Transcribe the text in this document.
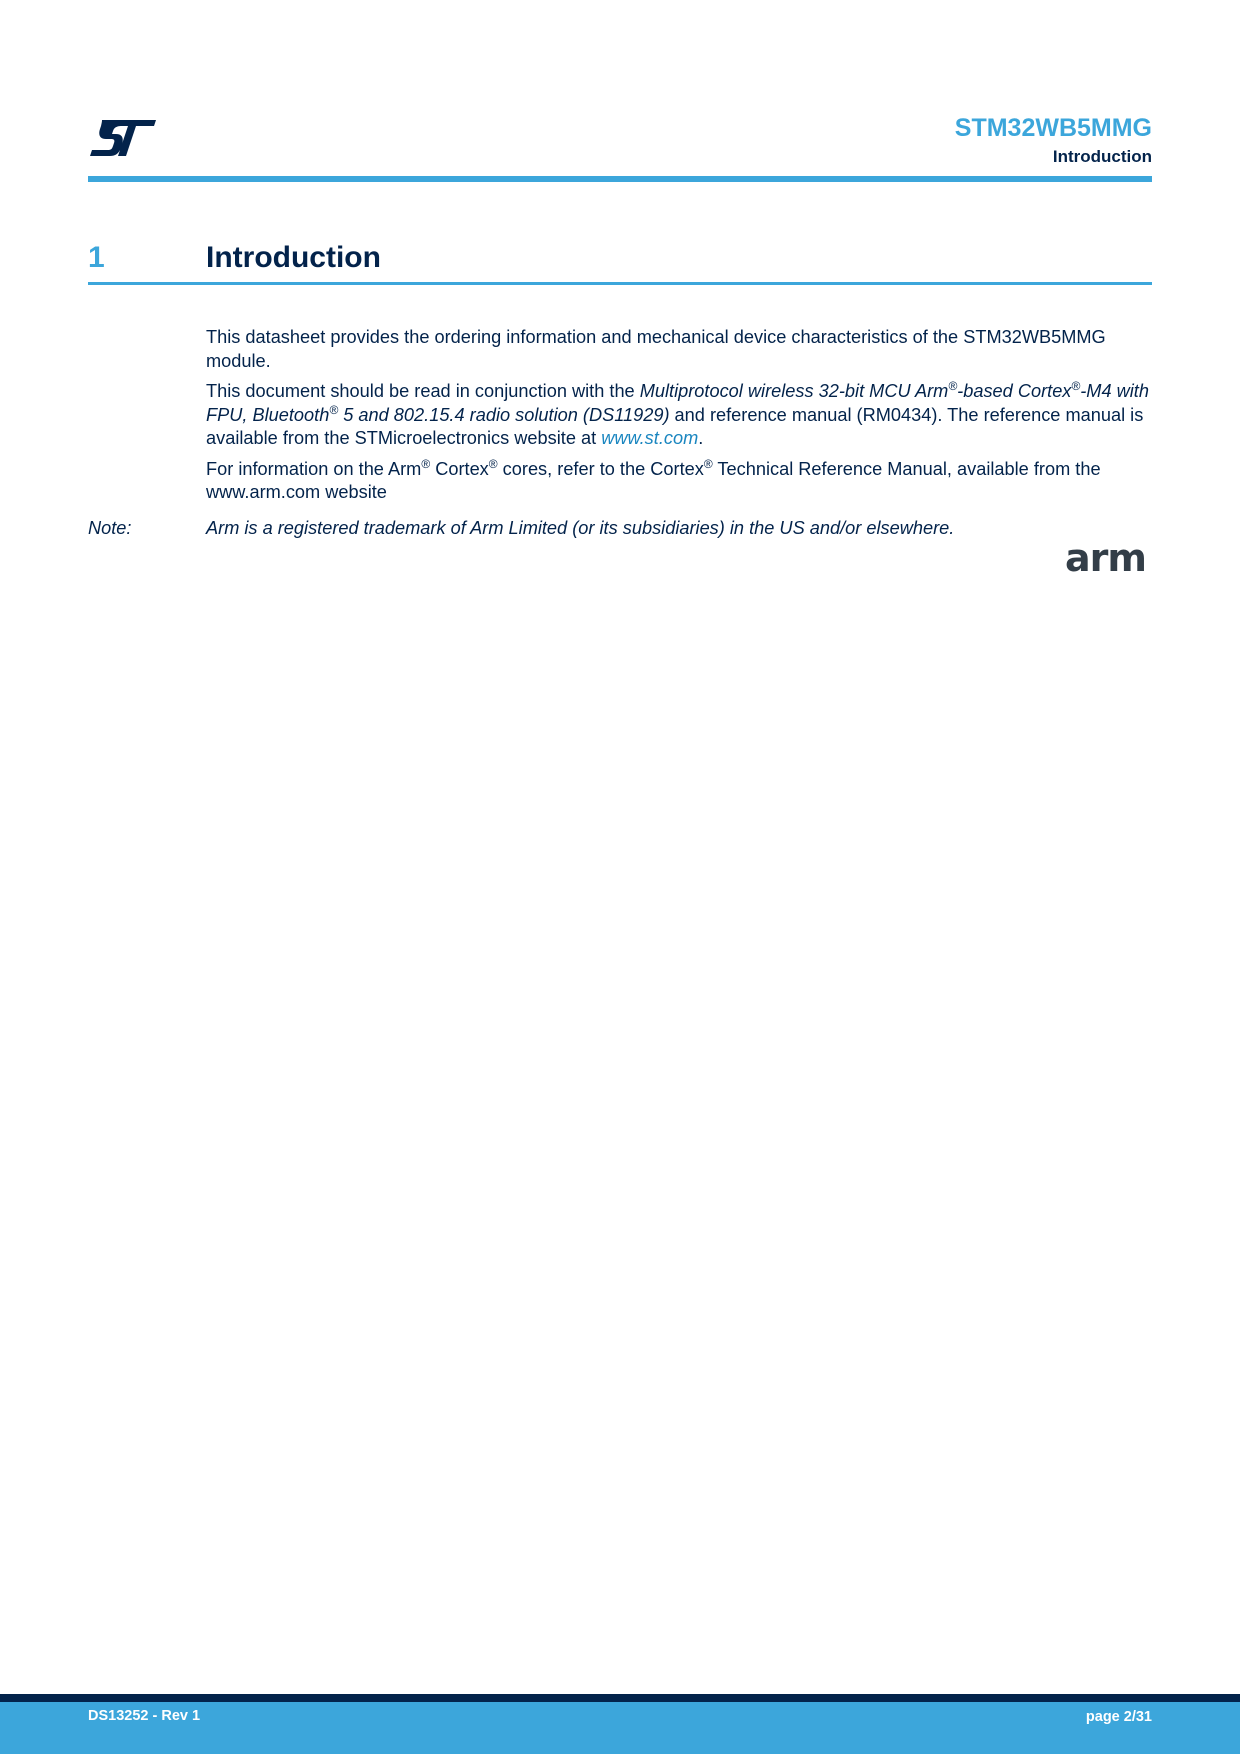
STM32WB5MMG
Introduction
1	Introduction

This datasheet provides the ordering information and mechanical device characteristics of the STM32WB5MMG module.

This document should be read in conjunction with the Multiprotocol wireless 32-bit MCU Arm®-based Cortex®-M4 with FPU, Bluetooth® 5 and 802.15.4 radio solution (DS11929) and reference manual (RM0434). The reference manual is available from the STMicroelectronics website at www.st.com.

For information on the Arm® Cortex® cores, refer to the Cortex® Technical Reference Manual, available from the www.arm.com website

Note:	Arm is a registered trademark of Arm Limited (or its subsidiaries) in the US and/or elsewhere.
arm
DS13252 - Rev 1	page 2/31
